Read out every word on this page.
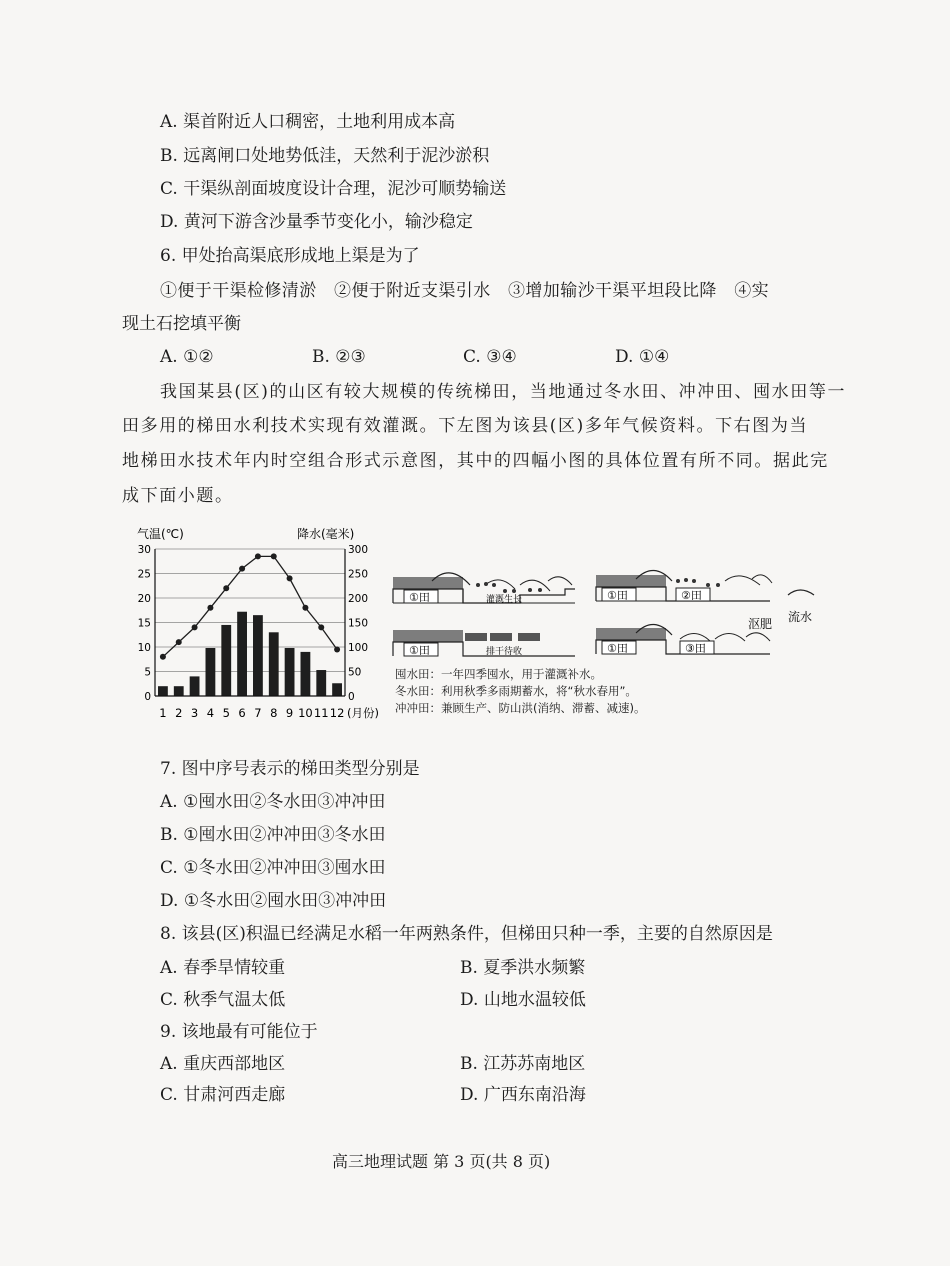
A. 渠首附近人口稠密，土地利用成本高
B. 远离闸口处地势低洼，天然利于泥沙淤积
C. 干渠纵剖面坡度设计合理，泥沙可顺势输送
D. 黄河下游含沙量季节变化小，输沙稳定
6. 甲处抬高渠底形成地上渠是为了
①便于干渠检修清淤　②便于附近支渠引水　③增加输沙干渠平坦段比降　④实
现土石挖填平衡
A. ①②	B. ②③	C. ③④	D. ①④
我国某县(区)的山区有较大规模的传统梯田，当地通过冬水田、冲冲田、囤水田等一
田多用的梯田水利技术实现有效灌溉。下左图为该县(区)多年气候资料。下右图为当
地梯田水技术年内时空组合形式示意图，其中的四幅小图的具体位置有所不同。据此完
成下面小题。
气温(℃)	降水(毫米)
0
5
10
15
20
25
30
0
50
100
150
200
250
300
1 2 3 4 5 6 7 8 9 10 11 12 (月份)
①田	灌溉生长	①田	②田
流水
①田	排干待收	①田	③田
沤肥
囤水田：一年四季囤水，用于灌溉补水。
冬水田：利用秋季多雨期蓄水，将“秋水春用”。
冲冲田：兼顾生产、防山洪(消纳、滞蓄、减速)。
7. 图中序号表示的梯田类型分别是
A. ①囤水田②冬水田③冲冲田
B. ①囤水田②冲冲田③冬水田
C. ①冬水田②冲冲田③囤水田
D. ①冬水田②囤水田③冲冲田
8. 该县(区)积温已经满足水稻一年两熟条件，但梯田只种一季，主要的自然原因是
A. 春季旱情较重	B. 夏季洪水频繁
C. 秋季气温太低	D. 山地水温较低
9. 该地最有可能位于
A. 重庆西部地区	B. 江苏苏南地区
C. 甘肃河西走廊	D. 广西东南沿海
高三地理试题 第 3 页(共 8 页)
